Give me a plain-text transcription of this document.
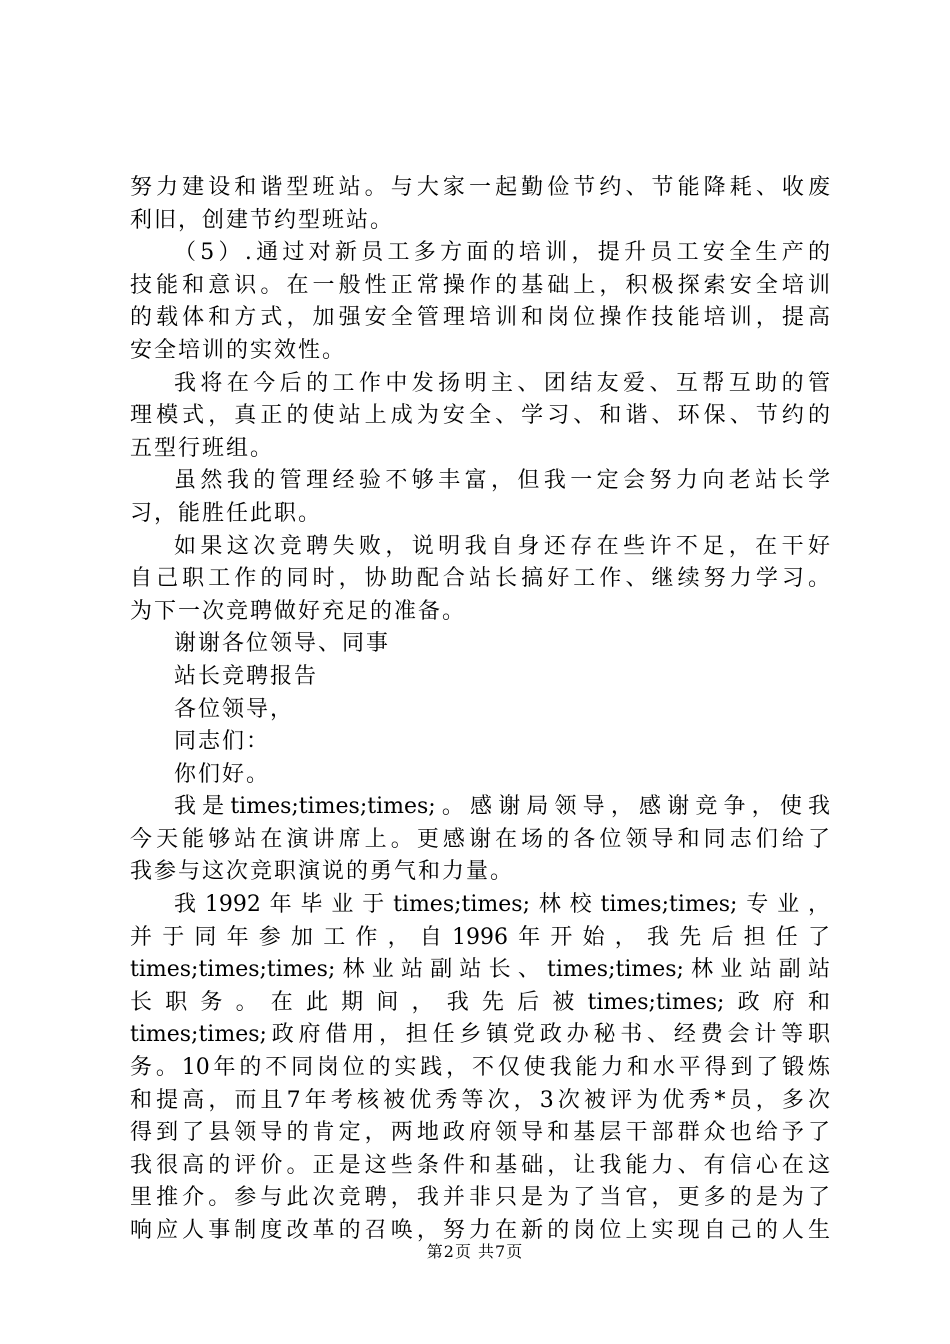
努力建设和谐型班站。与大家一起勤俭节约、节能降耗、收废
利旧，创建节约型班站。
（5）.通过对新员工多方面的培训，提升员工安全生产的
技能和意识。在一般性正常操作的基础上，积极探索安全培训
的载体和方式，加强安全管理培训和岗位操作技能培训，提高
安全培训的实效性。
我将在今后的工作中发扬明主、团结友爱、互帮互助的管
理模式，真正的使站上成为安全、学习、和谐、环保、节约的
五型行班组。
虽然我的管理经验不够丰富，但我一定会努力向老站长学
习，能胜任此职。
如果这次竞聘失败，说明我自身还存在些许不足，在干好
自己职工作的同时，协助配合站长搞好工作、继续努力学习。
为下一次竞聘做好充足的准备。
谢谢各位领导、同事
站长竞聘报告
各位领导，
同志们：
你们好。
我是times;times;times;。感谢局领导，感谢竞争，使我
今天能够站在演讲席上。更感谢在场的各位领导和同志们给了
我参与这次竞职演说的勇气和力量。
我1992年毕业于times;times;林校times;times;专业，
并于同年参加工作，自1996年开始，我先后担任了
times;times;times;林业站副站长、times;times;林业站副站
长职务。在此期间，我先后被times;times;政府和
times;times;政府借用，担任乡镇党政办秘书、经费会计等职
务。10年的不同岗位的实践，不仅使我能力和水平得到了锻炼
和提高，而且7年考核被优秀等次，3次被评为优秀*员，多次
得到了县领导的肯定，两地政府领导和基层干部群众也给予了
我很高的评价。正是这些条件和基础，让我能力、有信心在这
里推介。参与此次竞聘，我并非只是为了当官，更多的是为了
响应人事制度改革的召唤，努力在新的岗位上实现自己的人生
第2页 共7页
